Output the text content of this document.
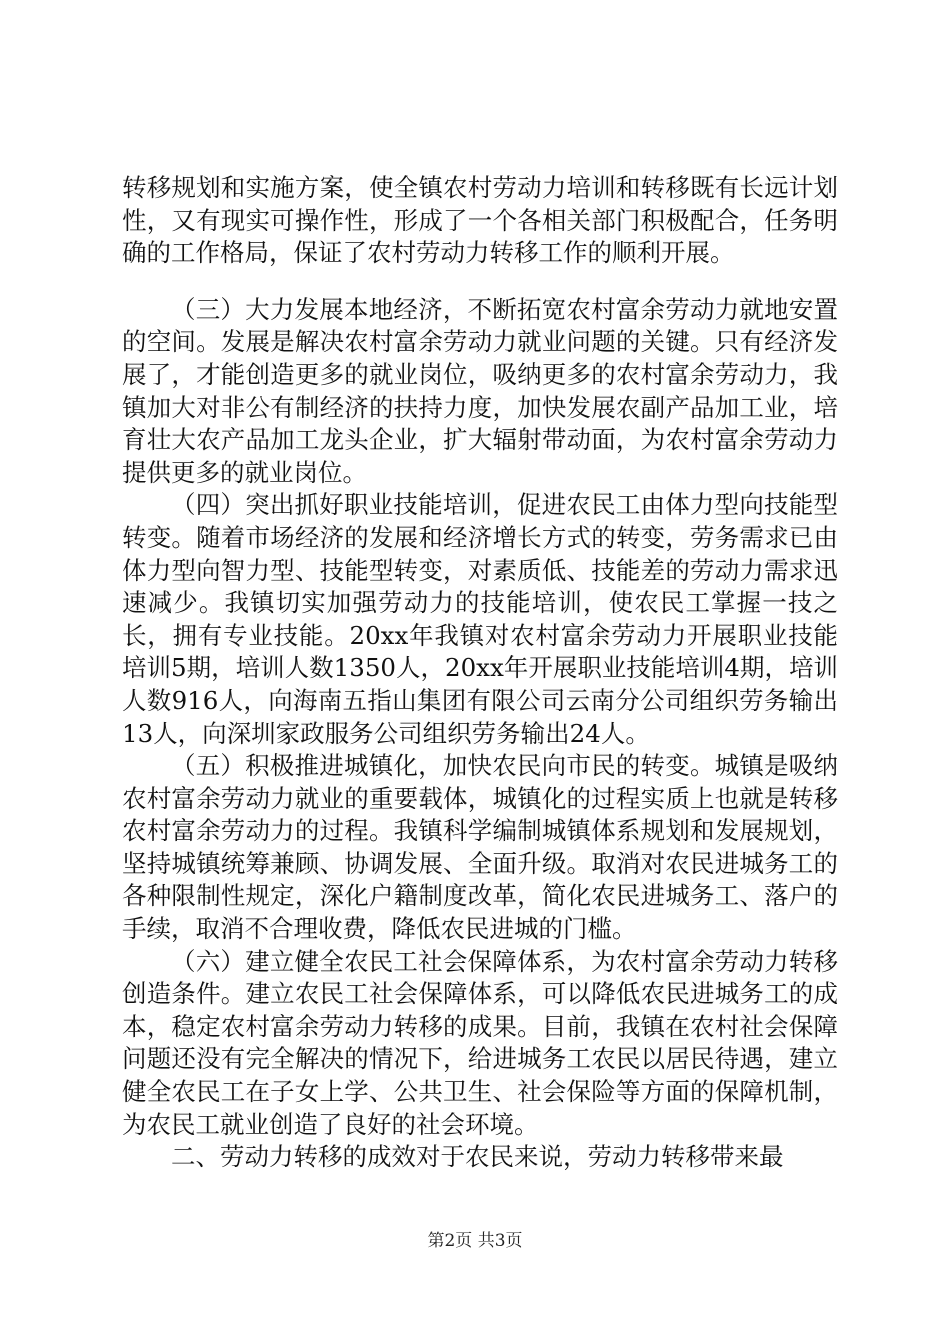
转移规划和实施方案，使全镇农村劳动力培训和转移既有长远计划性，又有现实可操作性，形成了一个各相关部门积极配合，任务明确的工作格局，保证了农村劳动力转移工作的顺利开展。

（三）大力发展本地经济，不断拓宽农村富余劳动力就地安置的空间。发展是解决农村富余劳动力就业问题的关键。只有经济发展了，才能创造更多的就业岗位，吸纳更多的农村富余劳动力，我镇加大对非公有制经济的扶持力度，加快发展农副产品加工业，培育壮大农产品加工龙头企业，扩大辐射带动面，为农村富余劳动力提供更多的就业岗位。

（四）突出抓好职业技能培训，促进农民工由体力型向技能型转变。随着市场经济的发展和经济增长方式的转变，劳务需求已由体力型向智力型、技能型转变，对素质低、技能差的劳动力需求迅速减少。我镇切实加强劳动力的技能培训，使农民工掌握一技之长，拥有专业技能。20xx年我镇对农村富余劳动力开展职业技能培训5期，培训人数1350人，20xx年开展职业技能培训4期，培训人数916人，向海南五指山集团有限公司云南分公司组织劳务输出13人，向深圳家政服务公司组织劳务输出24人。

（五）积极推进城镇化，加快农民向市民的转变。城镇是吸纳农村富余劳动力就业的重要载体，城镇化的过程实质上也就是转移农村富余劳动力的过程。我镇科学编制城镇体系规划和发展规划，坚持城镇统筹兼顾、协调发展、全面升级。取消对农民进城务工的各种限制性规定，深化户籍制度改革，简化农民进城务工、落户的手续，取消不合理收费，降低农民进城的门槛。

（六）建立健全农民工社会保障体系，为农村富余劳动力转移创造条件。建立农民工社会保障体系，可以降低农民进城务工的成本，稳定农村富余劳动力转移的成果。目前，我镇在农村社会保障问题还没有完全解决的情况下，给进城务工农民以居民待遇，建立健全农民工在子女上学、公共卫生、社会保险等方面的保障机制，为农民工就业创造了良好的社会环境。

二、劳动力转移的成效对于农民来说，劳动力转移带来最

第2页 共3页
